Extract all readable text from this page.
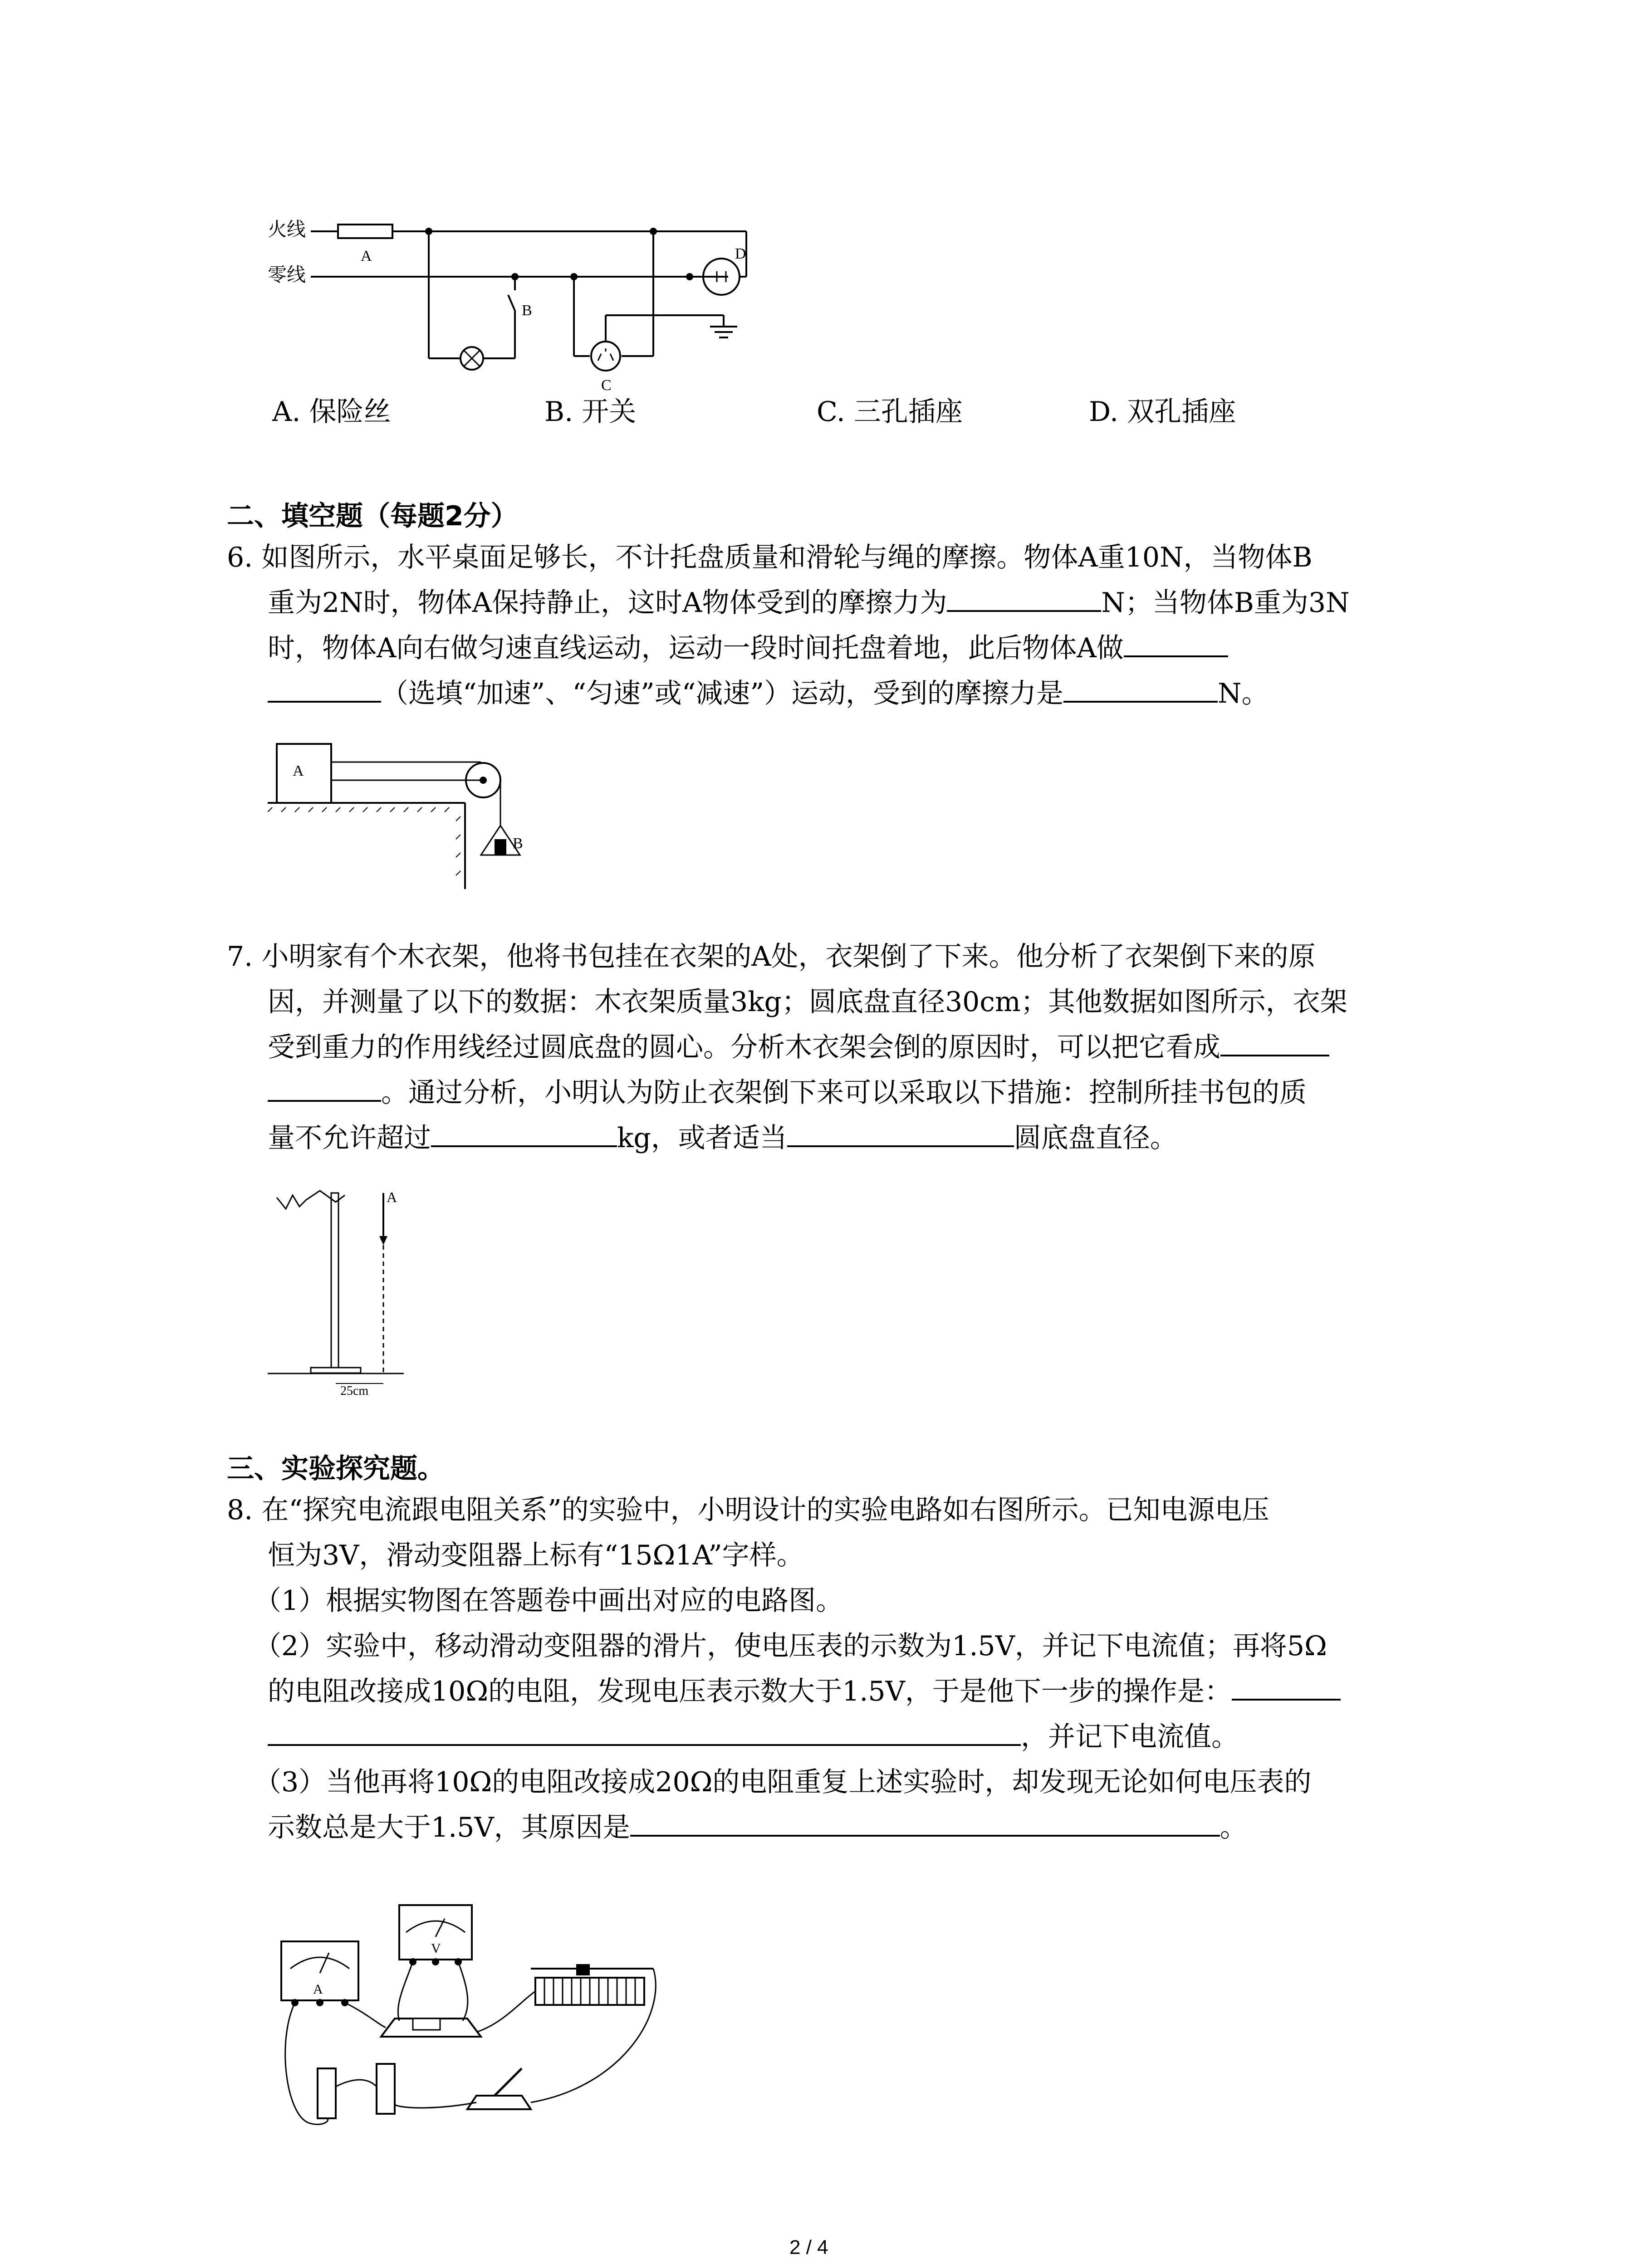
火线
零线
A
B
C
D
A. 保险丝	B. 开关	C. 三孔插座	D. 双孔插座
二、填空题（每题2分）
6. 如图所示，水平桌面足够长，不计托盘质量和滑轮与绳的摩擦。物体A重10N，当物体B
重为2N时，物体A保持静止，这时A物体受到的摩擦力为	N；当物体B重为3N
时，物体A向右做匀速直线运动，运动一段时间托盘着地，此后物体A做
（选填“加速”、“匀速”或“减速”）运动，受到的摩擦力是	N。
A
B
7. 小明家有个木衣架，他将书包挂在衣架的A处，衣架倒了下来。他分析了衣架倒下来的原
因，并测量了以下的数据：木衣架质量3kg；圆底盘直径30cm；其他数据如图所示，衣架
受到重力的作用线经过圆底盘的圆心。分析木衣架会倒的原因时，可以把它看成
。通过分析，小明认为防止衣架倒下来可以采取以下措施：控制所挂书包的质
量不允许超过	kg，或者适当	圆底盘直径。
A
25cm
三、实验探究题。
8. 在“探究电流跟电阻关系”的实验中，小明设计的实验电路如右图所示。已知电源电压
恒为3V，滑动变阻器上标有“15Ω1A”字样。
（1）根据实物图在答题卷中画出对应的电路图。
（2）实验中，移动滑动变阻器的滑片，使电压表的示数为1.5V，并记下电流值；再将5Ω
的电阻改接成10Ω的电阻，发现电压表示数大于1.5V，于是他下一步的操作是：
，并记下电流值。
（3）当他再将10Ω的电阻改接成20Ω的电阻重复上述实验时，却发现无论如何电压表的
示数总是大于1.5V，其原因是	。
A
V
2 / 4
